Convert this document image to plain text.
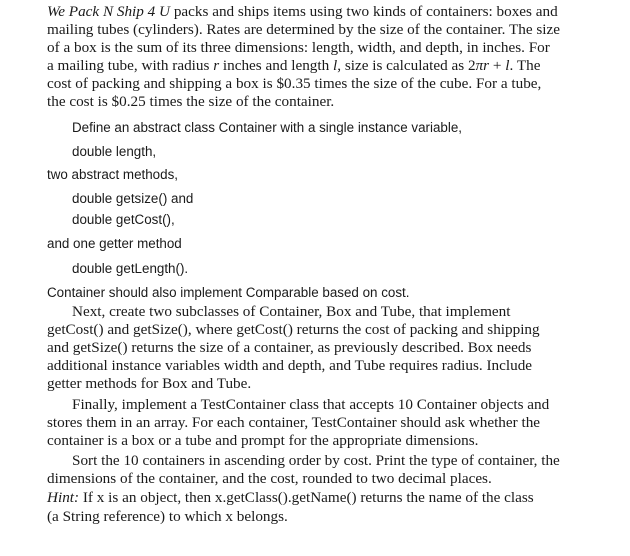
We Pack N Ship 4 U packs and ships items using two kinds of containers: boxes and
mailing tubes (cylinders). Rates are determined by the size of the container. The size
of a box is the sum of its three dimensions: length, width, and depth, in inches. For
a mailing tube, with radius r inches and length l, size is calculated as 2πr + l. The
cost of packing and shipping a box is $0.35 times the size of the cube. For a tube,
the cost is $0.25 times the size of the container.
Define an abstract class Container with a single instance variable,
double length,
two abstract methods,
double getsize() and
double getCost(),
and one getter method
double getLength().
Container should also implement Comparable based on cost.
Next, create two subclasses of Container, Box and Tube, that implement
getCost() and getSize(), where getCost() returns the cost of packing and shipping
and getSize() returns the size of a container, as previously described. Box needs
additional instance variables width and depth, and Tube requires radius. Include
getter methods for Box and Tube.
Finally, implement a TestContainer class that accepts 10 Container objects and
stores them in an array. For each container, TestContainer should ask whether the
container is a box or a tube and prompt for the appropriate dimensions.
Sort the 10 containers in ascending order by cost. Print the type of container, the
dimensions of the container, and the cost, rounded to two decimal places.
Hint: If x is an object, then x.getClass().getName() returns the name of the class
(a String reference) to which x belongs.
